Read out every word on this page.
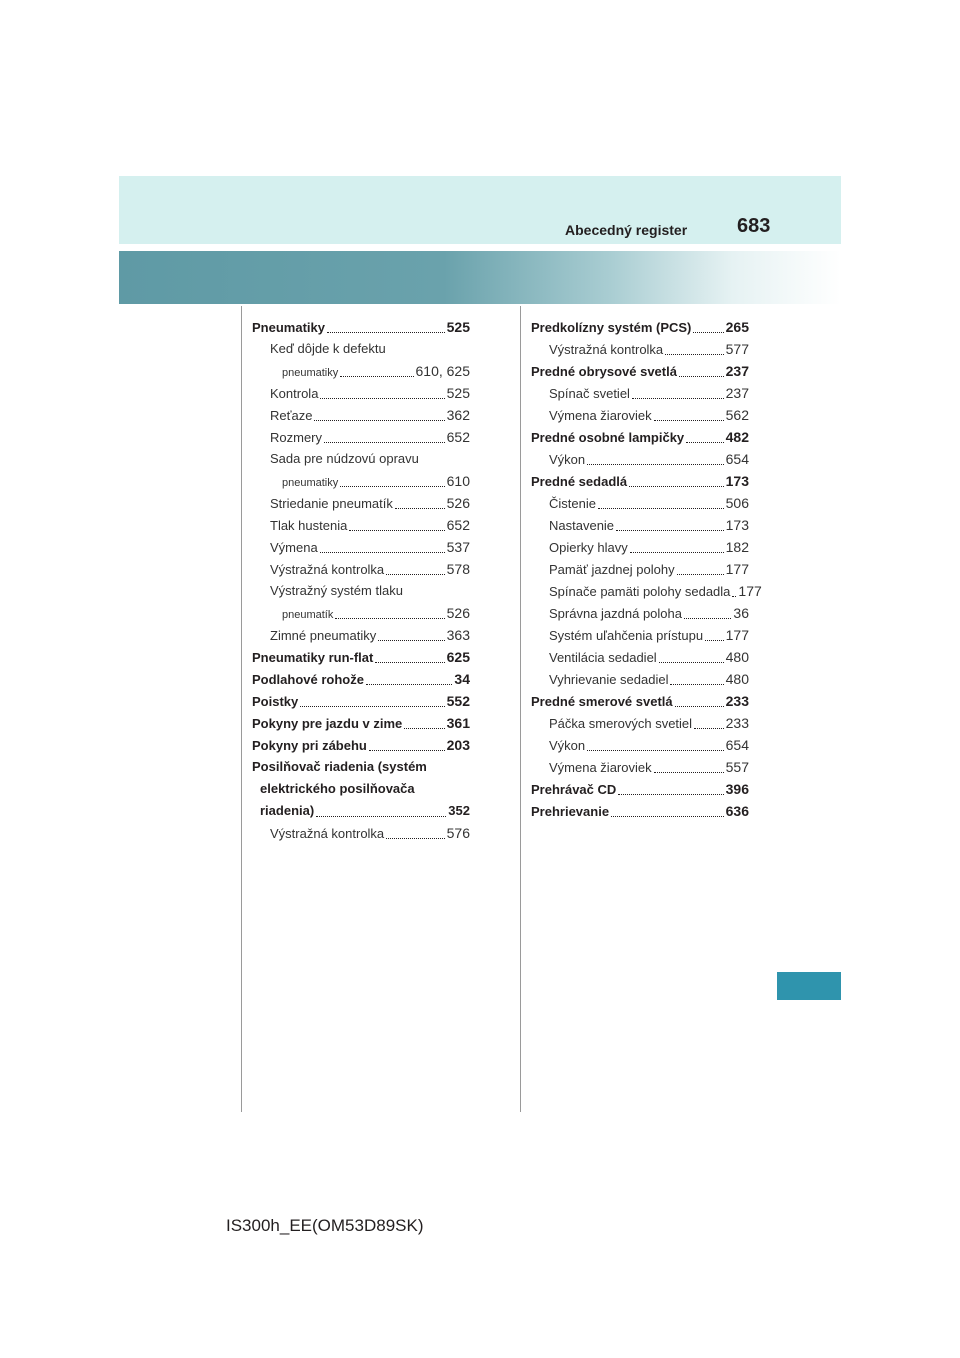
Abecedný register 683
Pneumatiky	525
Keď dôjde k defektu
pneumatiky	610, 625
Kontrola	525
Reťaze	362
Rozmery	652
Sada pre núdzovú opravu
pneumatiky	610
Striedanie pneumatík	526
Tlak hustenia	652
Výmena	537
Výstražná kontrolka	578
Výstražný systém tlaku
pneumatík	526
Zimné pneumatiky	363
Pneumatiky run-flat	625
Podlahové rohože	34
Poistky	552
Pokyny pre jazdu v zime	361
Pokyny pri zábehu	203
Posilňovač riadenia (systém
elektrického posilňovača
riadenia)	352
Výstražná kontrolka	576
Predkolízny systém (PCS) 265
Výstražná kontrolka	577
Predné obrysové svetlá	237
Spínač svetiel	237
Výmena žiaroviek	562
Predné osobné lampičky	482
Výkon	654
Predné sedadlá	173
Čistenie	506
Nastavenie	173
Opierky hlavy	182
Pamäť jazdnej polohy	177
Spínače pamäti polohy sedadla 177
Správna jazdná poloha	36
Systém uľahčenia prístupu 177
Ventilácia sedadiel	480
Vyhrievanie sedadiel	480
Predné smerové svetlá	233
Páčka smerových svetiel 233
Výkon	654
Výmena žiaroviek	557
Prehrávač CD	396
Prehrievanie	636
IS300h_EE(OM53D89SK)
